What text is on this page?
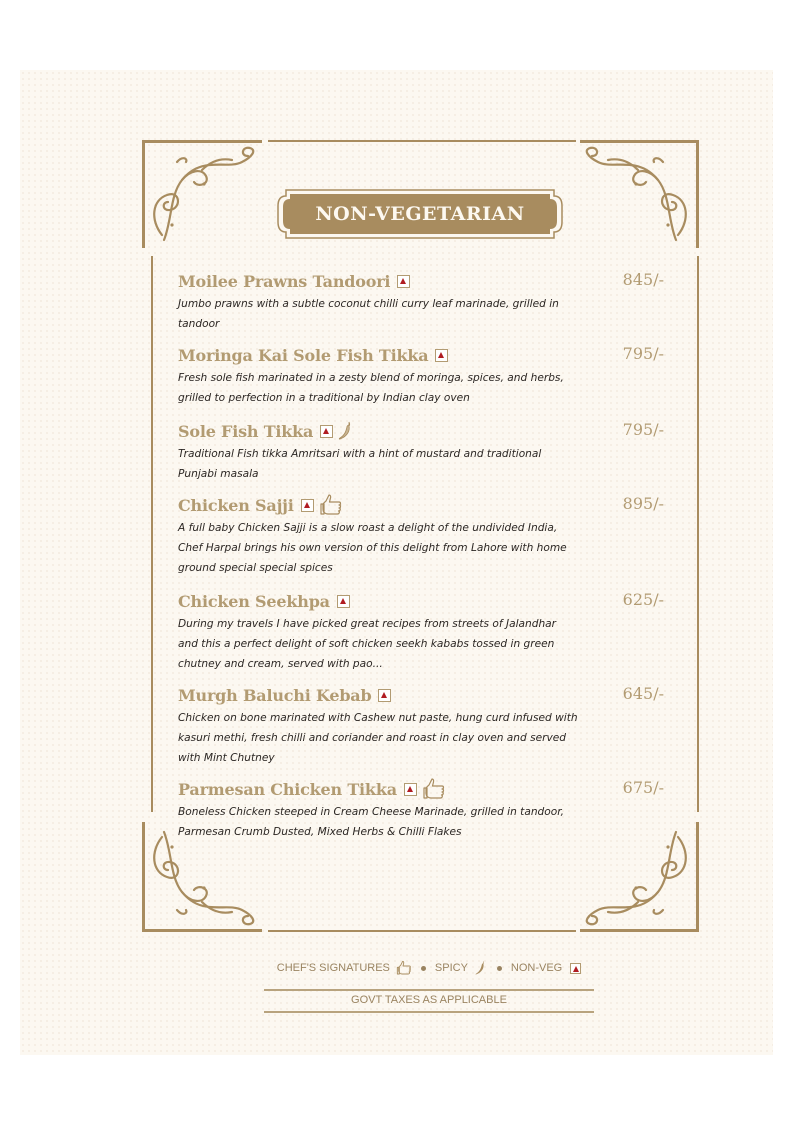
NON-VEGETARIAN
Moilee Prawns Tandoori	845/-
Jumbo prawns with a subtle coconut chilli curry leaf marinade, grilled in tandoor
Moringa Kai Sole Fish Tikka	795/-
Fresh sole fish marinated in a zesty blend of moringa, spices, and herbs, grilled to perfection in a traditional by Indian clay oven
Sole Fish Tikka	795/-
Traditional Fish tikka Amritsari with a hint of mustard and traditional Punjabi masala
Chicken Sajji	895/-
A full baby Chicken Sajji is a slow roast a delight of the undivided India, Chef Harpal brings his own version of this delight from Lahore with home ground special special spices
Chicken Seekhpa	625/-
During my travels I have picked great recipes from streets of Jalandhar and this a perfect delight of soft chicken seekh kababs tossed in green chutney and cream, served with pao...
Murgh Baluchi Kebab	645/-
Chicken on bone marinated with Cashew nut paste, hung curd infused with kasuri methi, fresh chilli and coriander and roast in clay oven and served with Mint Chutney
Parmesan Chicken Tikka	675/-
Boneless Chicken steeped in Cream Cheese Marinade, grilled in tandoor, Parmesan Crumb Dusted, Mixed Herbs & Chilli Flakes
CHEF'S SIGNATURES	SPICY	NON-VEG
GOVT TAXES AS APPLICABLE
